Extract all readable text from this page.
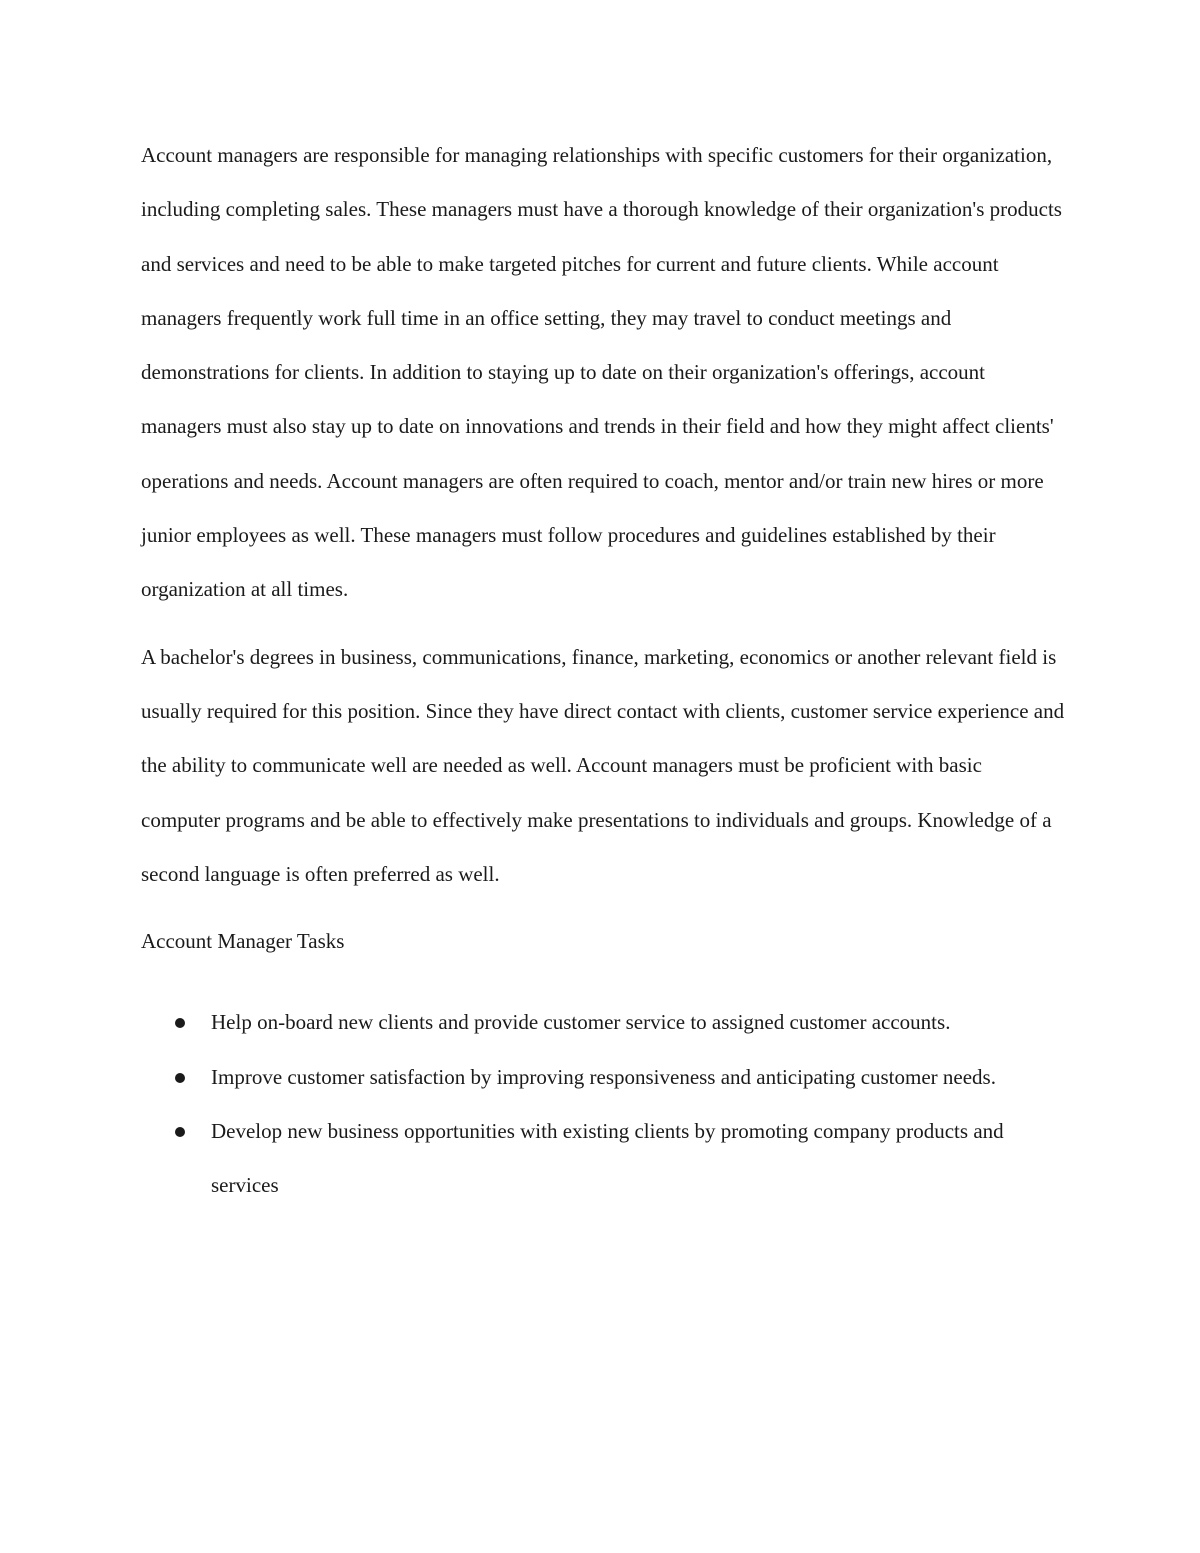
Account managers are responsible for managing relationships with specific customers for their organization, including completing sales. These managers must have a thorough knowledge of their organization's products and services and need to be able to make targeted pitches for current and future clients. While account managers frequently work full time in an office setting, they may travel to conduct meetings and demonstrations for clients. In addition to staying up to date on their organization's offerings, account managers must also stay up to date on innovations and trends in their field and how they might affect clients' operations and needs. Account managers are often required to coach, mentor and/or train new hires or more junior employees as well. These managers must follow procedures and guidelines established by their organization at all times.

A bachelor's degrees in business, communications, finance, marketing, economics or another relevant field is usually required for this position. Since they have direct contact with clients, customer service experience and the ability to communicate well are needed as well. Account managers must be proficient with basic computer programs and be able to effectively make presentations to individuals and groups. Knowledge of a second language is often preferred as well.

Account Manager Tasks

Help on-board new clients and provide customer service to assigned customer accounts.
Improve customer satisfaction by improving responsiveness and anticipating customer needs.
Develop new business opportunities with existing clients by promoting company products and services
